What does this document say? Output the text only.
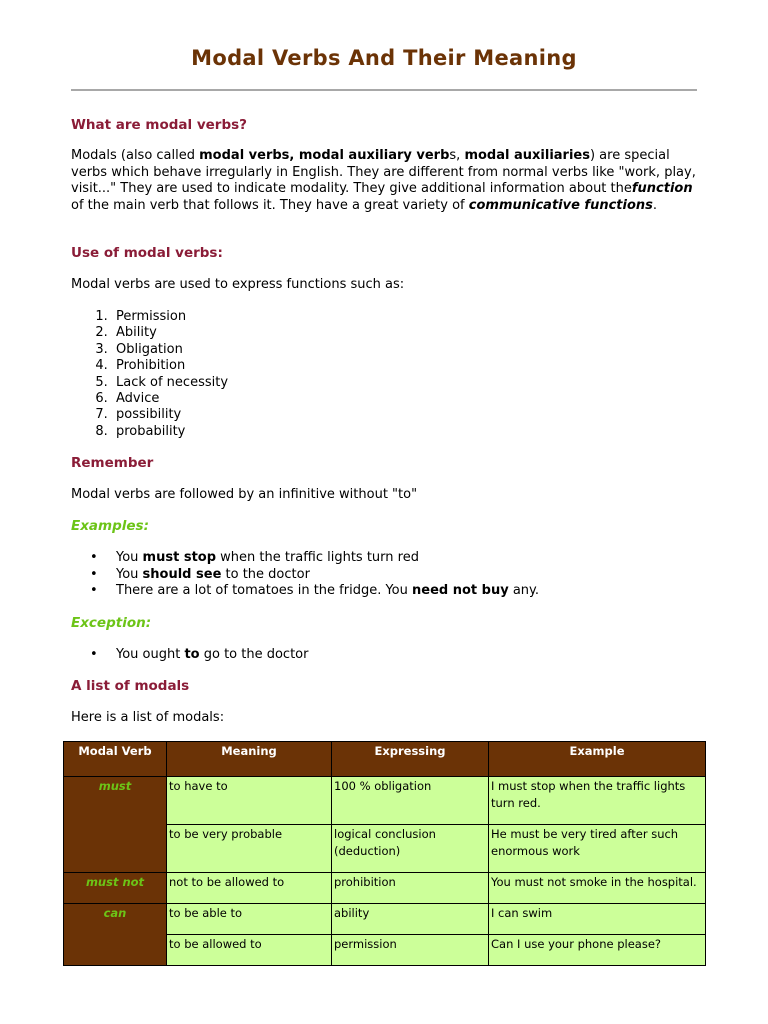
Modal Verbs And Their Meaning
What are modal verbs?
Modals (also called modal verbs, modal auxiliary verbs, modal auxiliaries) are special verbs which behave irregularly in English. They are different from normal verbs like "work, play, visit..." They are used to indicate modality. They give additional information about thefunction of the main verb that follows it. They have a great variety of communicative functions.
Use of modal verbs:
Modal verbs are used to express functions such as:
1.  Permission
2.  Ability
3.  Obligation
4.  Prohibition
5.  Lack of necessity
6.  Advice
7.  possibility
8.  probability
Remember
Modal verbs are followed by an infinitive without "to"
Examples:
• You must stop when the traffic lights turn red
• You should see to the doctor
• There are a lot of tomatoes in the fridge. You need not buy any.
Exception:
• You ought to go to the doctor
A list of modals
Here is a list of modals:
Modal Verb	Meaning	Expressing	Example
must	to have to	100 % obligation	I must stop when the traffic lights turn red.
	to be very probable	logical conclusion (deduction)	He must be very tired after such enormous work
must not	not to be allowed to	prohibition	You must not smoke in the hospital.
can	to be able to	ability	I can swim
	to be allowed to	permission	Can I use your phone please?
